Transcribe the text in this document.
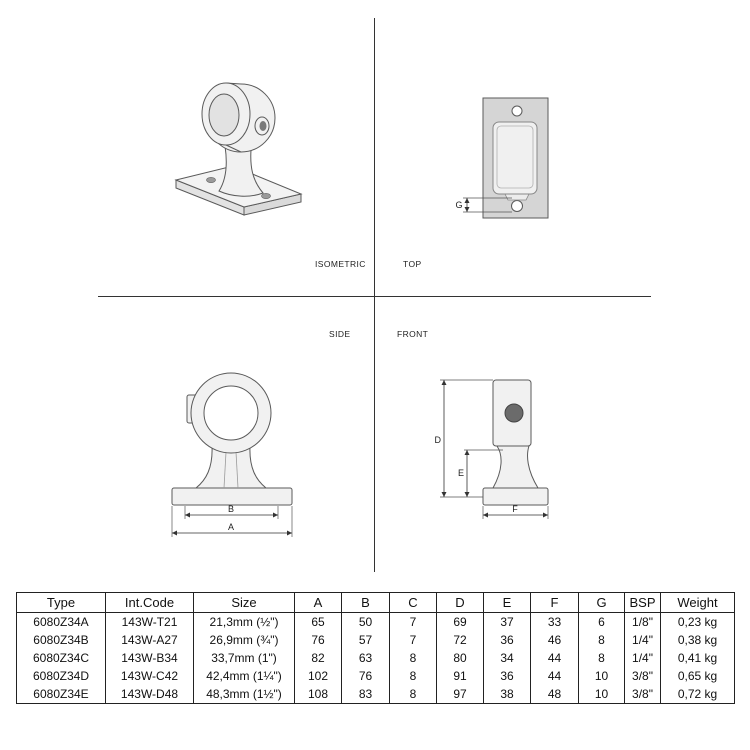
ISOMETRIC	TOP
SIDE	FRONT
G
B
A
D
E
F
Type	Int.Code	Size	A	B	C	D	E	F	G	BSP	Weight
6080Z34A	143W-T21	21,3mm (½")	65	50	7	69	37	33	6	1/8"	0,23 kg
6080Z34B	143W-A27	26,9mm (¾")	76	57	7	72	36	46	8	1/4"	0,38 kg
6080Z34C	143W-B34	33,7mm (1")	82	63	8	80	34	44	8	1/4"	0,41 kg
6080Z34D	143W-C42	42,4mm (1¼")	102	76	8	91	36	44	10	3/8"	0,65 kg
6080Z34E	143W-D48	48,3mm (1½")	108	83	8	97	38	48	10	3/8"	0,72 kg
